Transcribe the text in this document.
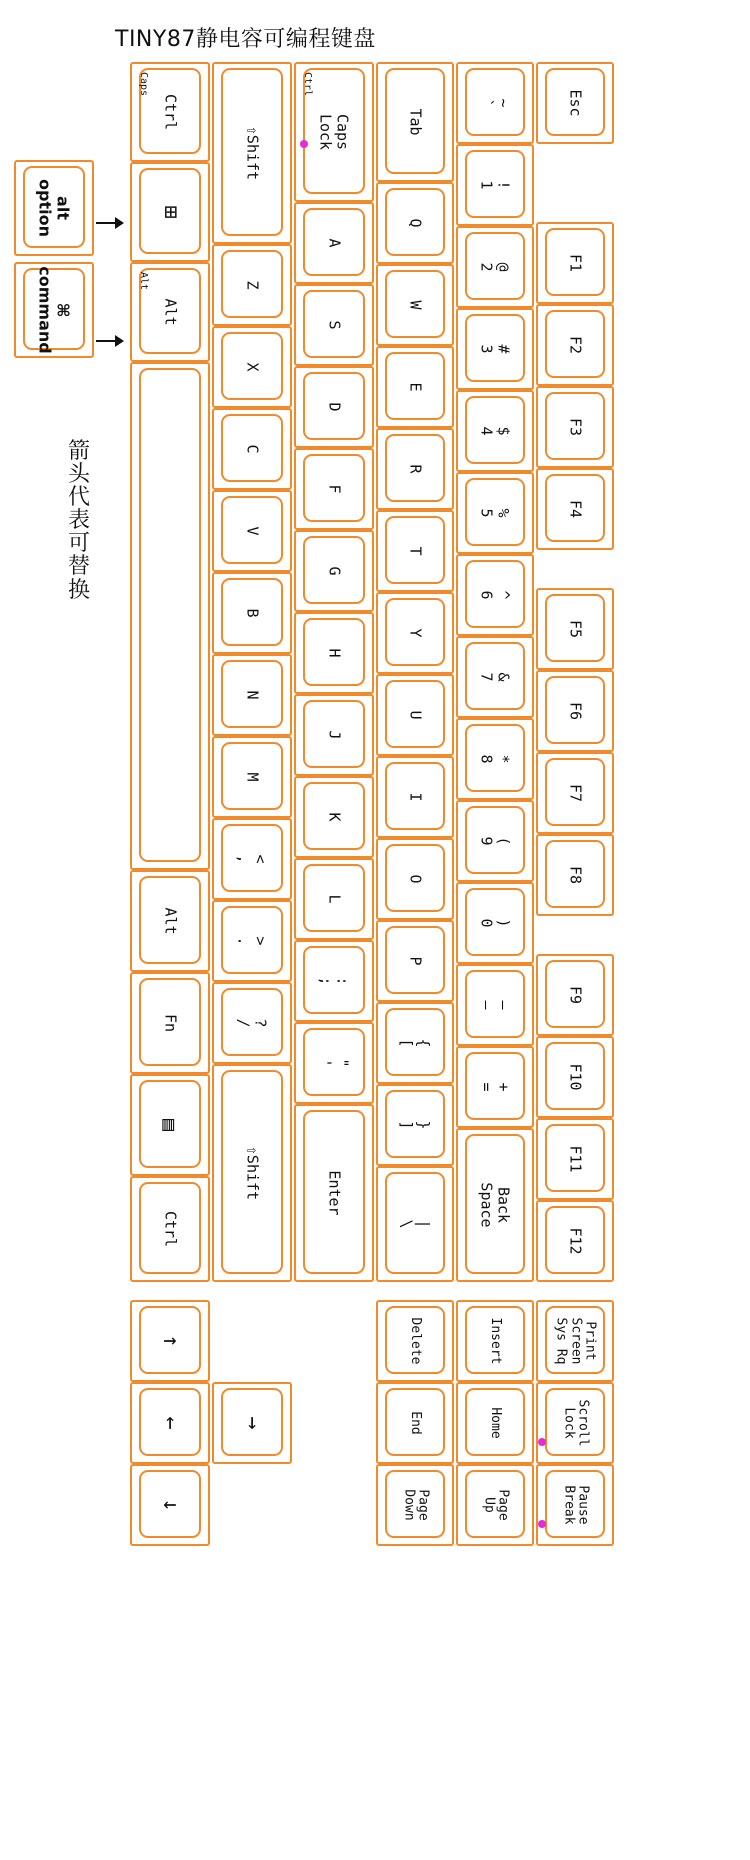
TINY87静电容可编程键盘
箭
头
代
表
可
替
换
alt
option
⌘
command
Esc
F1
F2
F3
F4
F5
F6
F7
F8
F9
F10
F11
F12
Print
Screen
Sys Rq
Scroll
Lock
Pause
Break
~
`
!
1
@
2
#
3
$
4
%
5
^
6
&
7
*
8
(
9
)
0
—
–
+
=
Back
Space
Insert
Home
Page
Up
Tab
Q
W
E
R
T
Y
U
I
O
P
{
[
}
]
|
\
Delete
End
Page
Down
Caps
Lock
Ctrl
A
S
D
F
G
H
J
K
L
:
;
"
'
Enter
⇧Shift
Z
X
C
V
B
N
M
<
,
>
.
?
/
⇧Shift
Ctrl
Caps
⊞
Alt
Alt
Alt
Fn
▤
Ctrl
↑
←
↓
→
